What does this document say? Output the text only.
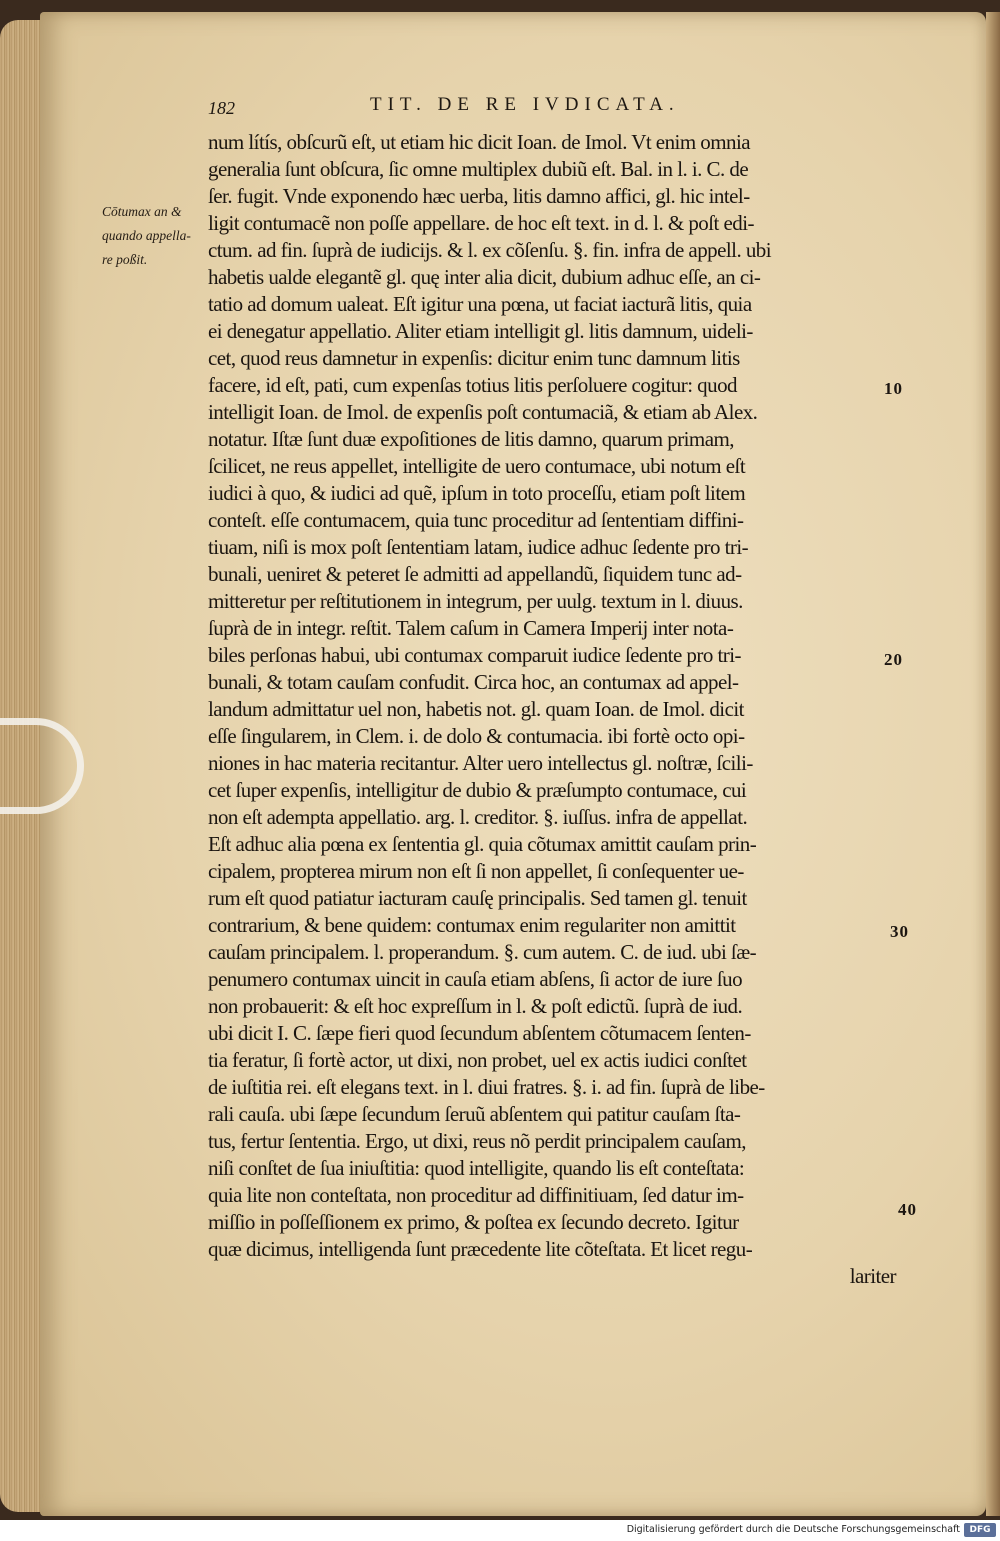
182	TIT. DE RE IVDICATA.
Cōtumax an &
quando appella-
re poßit.
num lítís, obſcurũ eſt, ut etiam hic dicit Ioan. de Imol. Vt enim omnia
generalia ſunt obſcura, ſic omne multiplex dubiũ eſt. Bal. in l. i. C. de
ſer. fugit. Vnde exponendo hæc uerba, litis damno affici, gl. hic intel-
ligit contumacẽ non poſſe appellare. de hoc eſt text. in d. l. & poſt edi-
ctum. ad fin. ſuprà de iudicijs. & l. ex cõſenſu. §. fin. infra de appell. ubi
habetis ualde elegantẽ gl. quę inter alia dicit, dubium adhuc eſſe, an ci-
tatio ad domum ualeat. Eſt igitur una pœna, ut faciat iacturã litis, quia
ei denegatur appellatio. Aliter etiam intelligit gl. litis damnum, uideli-
cet, quod reus damnetur in expenſis: dicitur enim tunc damnum litis
facere, id eſt, pati, cum expenſas totius litis perſoluere cogitur: quod
intelligit Ioan. de Imol. de expenſis poſt contumaciã, & etiam ab Alex.
notatur. Iſtæ ſunt duæ expoſitiones de litis damno, quarum primam,
ſcilicet, ne reus appellet, intelligite de uero contumace, ubi notum eſt
iudici à quo, & iudici ad quẽ, ipſum in toto proceſſu, etiam poſt litem
conteſt. eſſe contumacem, quia tunc proceditur ad ſententiam diffini-
tiuam, niſi is mox poſt ſententiam latam, iudice adhuc ſedente pro tri-
bunali, ueniret & peteret ſe admitti ad appellandũ, ſiquidem tunc ad-
mitteretur per reſtitutionem in integrum, per uulg. textum in l. diuus.
ſuprà de in integr. reſtit. Talem caſum in Camera Imperij inter nota-
biles perſonas habui, ubi contumax comparuit iudice ſedente pro tri-
bunali, & totam cauſam confudit. Circa hoc, an contumax ad appel-
landum admittatur uel non, habetis not. gl. quam Ioan. de Imol. dicit
eſſe ſingularem, in Clem. i. de dolo & contumacia. ibi fortè octo opi-
niones in hac materia recitantur. Alter uero intellectus gl. noſtræ, ſcili-
cet ſuper expenſis, intelligitur de dubio & præſumpto contumace, cui
non eſt adempta appellatio. arg. l. creditor. §. iuſſus. infra de appellat.
Eſt adhuc alia pœna ex ſententia gl. quia cõtumax amittit cauſam prin-
cipalem, propterea mirum non eſt ſi non appellet, ſi conſequenter ue-
rum eſt quod patiatur iacturam cauſę principalis. Sed tamen gl. tenuit
contrarium, & bene quidem: contumax enim regulariter non amittit
cauſam principalem. l. properandum. §. cum autem. C. de iud. ubi ſæ-
penumero contumax uincit in cauſa etiam abſens, ſi actor de iure ſuo
non probauerit: & eſt hoc expreſſum in l. & poſt edictũ. ſuprà de iud.
ubi dicit I. C. ſæpe fieri quod ſecundum abſentem cõtumacem ſenten-
tia feratur, ſi fortè actor, ut dixi, non probet, uel ex actis iudici conſtet
de iuſtitia rei. eſt elegans text. in l. diui fratres. §. i. ad fin. ſuprà de libe-
rali cauſa. ubi ſæpe ſecundum ſeruũ abſentem qui patitur cauſam ſta-
tus, fertur ſententia. Ergo, ut dixi, reus nõ perdit principalem cauſam,
niſi conſtet de ſua iniuſtitia: quod intelligite, quando lis eſt conteſtata:
quia lite non conteſtata, non proceditur ad diffinitiuam, ſed datur im-
miſſio in poſſeſſionem ex primo, & poſtea ex ſecundo decreto. Igitur
quæ dicimus, intelligenda ſunt præcedente lite cõteſtata. Et licet regu-
lariter
10
20
30
40
Digitalisierung gefördert durch die Deutsche Forschungsgemeinschaft	DFG
